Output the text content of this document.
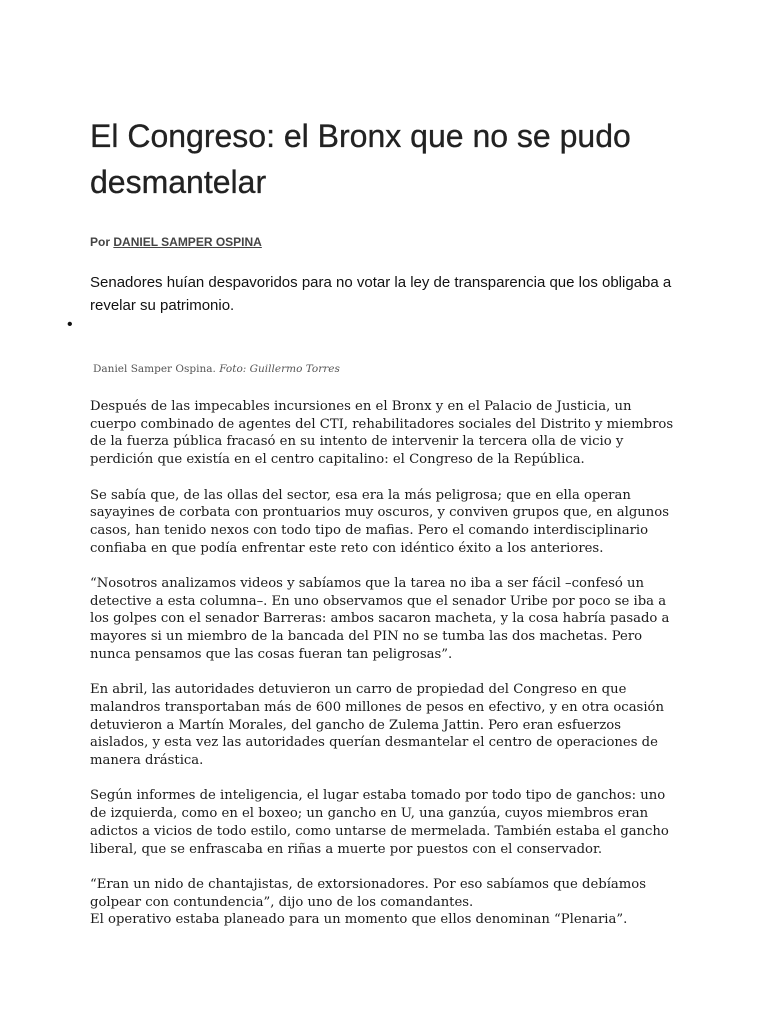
El Congreso: el Bronx que no se pudo desmantelar
Por DANIEL SAMPER OSPINA
Senadores huían despavoridos para no votar la ley de transparencia que los obligaba a revelar su patrimonio.
•
Daniel Samper Ospina. Foto: Guillermo Torres

Después de las impecables incursiones en el Bronx y en el Palacio de Justicia, un cuerpo combinado de agentes del CTI, rehabilitadores sociales del Distrito y miembros de la fuerza pública fracasó en su intento de intervenir la tercera olla de vicio y perdición que existía en el centro capitalino: el Congreso de la República.

Se sabía que, de las ollas del sector, esa era la más peligrosa; que en ella operan sayayines de corbata con prontuarios muy oscuros, y conviven grupos que, en algunos casos, han tenido nexos con todo tipo de mafias. Pero el comando interdisciplinario confiaba en que podía enfrentar este reto con idéntico éxito a los anteriores.

“Nosotros analizamos videos y sabíamos que la tarea no iba a ser fácil –confesó un detective a esta columna–. En uno observamos que el senador Uribe por poco se iba a los golpes con el senador Barreras: ambos sacaron macheta, y la cosa habría pasado a mayores si un miembro de la bancada del PIN no se tumba las dos machetas. Pero nunca pensamos que las cosas fueran tan peligrosas”.

En abril, las autoridades detuvieron un carro de propiedad del Congreso en que malandros transportaban más de 600 millones de pesos en efectivo, y en otra ocasión detuvieron a Martín Morales, del gancho de Zulema Jattin. Pero eran esfuerzos aislados, y esta vez las autoridades querían desmantelar el centro de operaciones de manera drástica.

Según informes de inteligencia, el lugar estaba tomado por todo tipo de ganchos: uno de izquierda, como en el boxeo; un gancho en U, una ganzúa, cuyos miembros eran adictos a vicios de todo estilo, como untarse de mermelada. También estaba el gancho liberal, que se enfrascaba en riñas a muerte por puestos con el conservador.

“Eran un nido de chantajistas, de extorsionadores. Por eso sabíamos que debíamos golpear con contundencia”, dijo uno de los comandantes.

El operativo estaba planeado para un momento que ellos denominan “Plenaria”.
